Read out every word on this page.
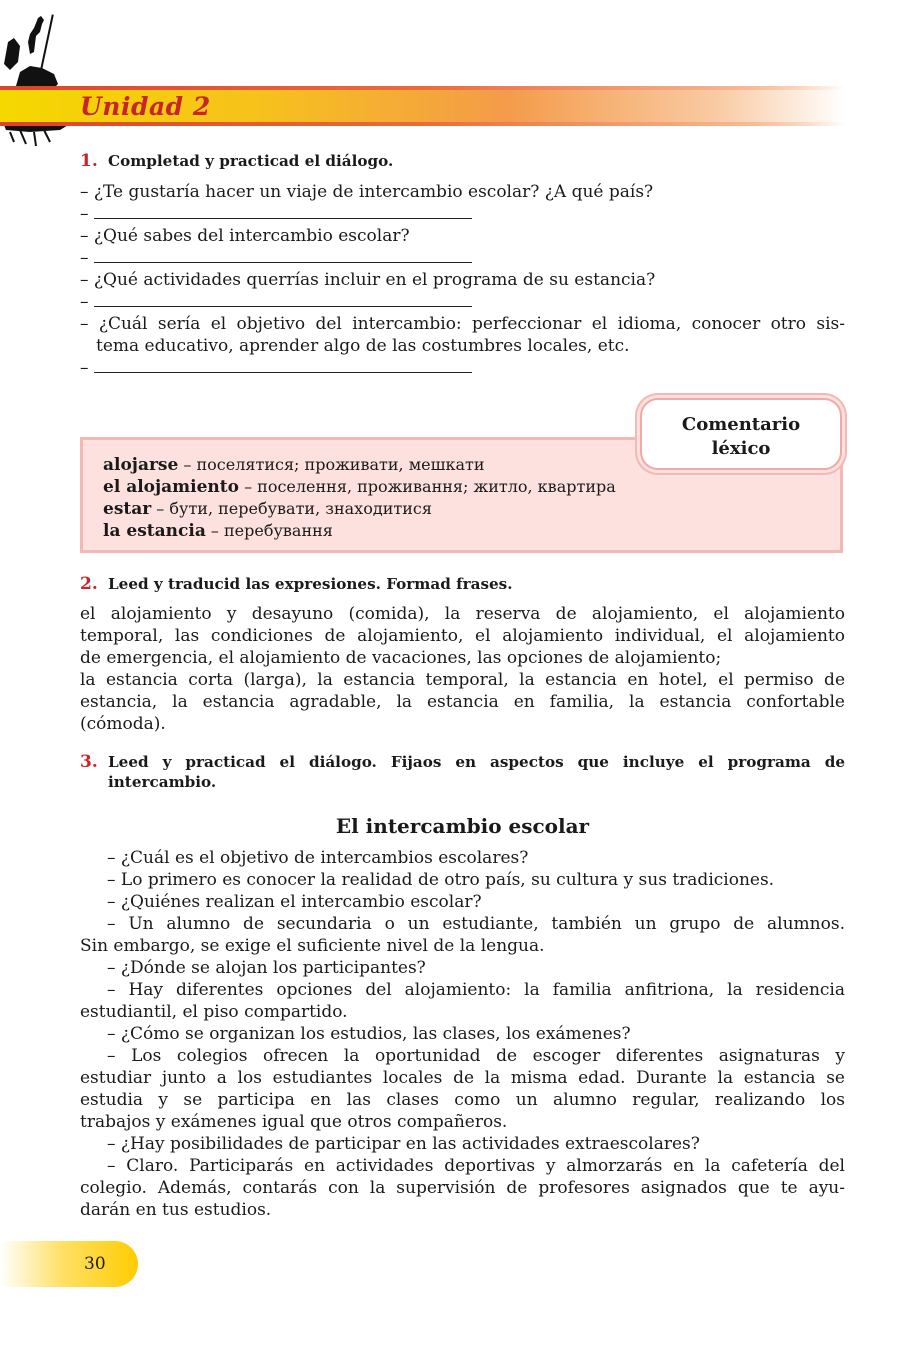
Unidad 2
1. Completad y practicad el diálogo.
– ¿Te gustaría hacer un viaje de intercambio escolar? ¿A qué país?
–
– ¿Qué sabes del intercambio escolar?
–
– ¿Qué actividades querrías incluir en el programa de su estancia?
–
– ¿Cuál sería el objetivo del intercambio: perfeccionar el idioma, conocer otro sis-
tema educativo, aprender algo de las costumbres locales, etc.
–
Comentario
léxico
alojarse – поселятися; проживати, мешкати
el alojamiento – поселення, проживання; житло, квартира
estar – бути, перебувати, знаходитися
la estancia – перебування
2. Leed y traducid las expresiones. Formad frases.
el alojamiento y desayuno (comida), la reserva de alojamiento, el alojamiento
temporal, las condiciones de alojamiento, el alojamiento individual, el alojamiento
de emergencia, el alojamiento de vacaciones, las opciones de alojamiento;
la estancia corta (larga), la estancia temporal, la estancia en hotel, el permiso de
estancia, la estancia agradable, la estancia en familia, la estancia confortable
(cómoda).
3. Leed y practicad el diálogo. Fijaos en aspectos que incluye el programa de
intercambio.
El intercambio escolar
– ¿Cuál es el objetivo de intercambios escolares?
– Lo primero es conocer la realidad de otro país, su cultura y sus tradiciones.
– ¿Quiénes realizan el intercambio escolar?
– Un alumno de secundaria o un estudiante, también un grupo de alumnos.
Sin embargo, se exige el suficiente nivel de la lengua.
– ¿Dónde se alojan los participantes?
– Hay diferentes opciones del alojamiento: la familia anfitriona, la residencia
estudiantil, el piso compartido.
– ¿Cómo se organizan los estudios, las clases, los exámenes?
– Los colegios ofrecen la oportunidad de escoger diferentes asignaturas y
estudiar junto a los estudiantes locales de la misma edad. Durante la estancia se
estudia y se participa en las clases como un alumno regular, realizando los
trabajos y exámenes igual que otros compañeros.
– ¿Hay posibilidades de participar en las actividades extraescolares?
– Claro. Participarás en actividades deportivas y almorzarás en la cafetería del
colegio. Además, contarás con la supervisión de profesores asignados que te ayu-
darán en tus estudios.
30
